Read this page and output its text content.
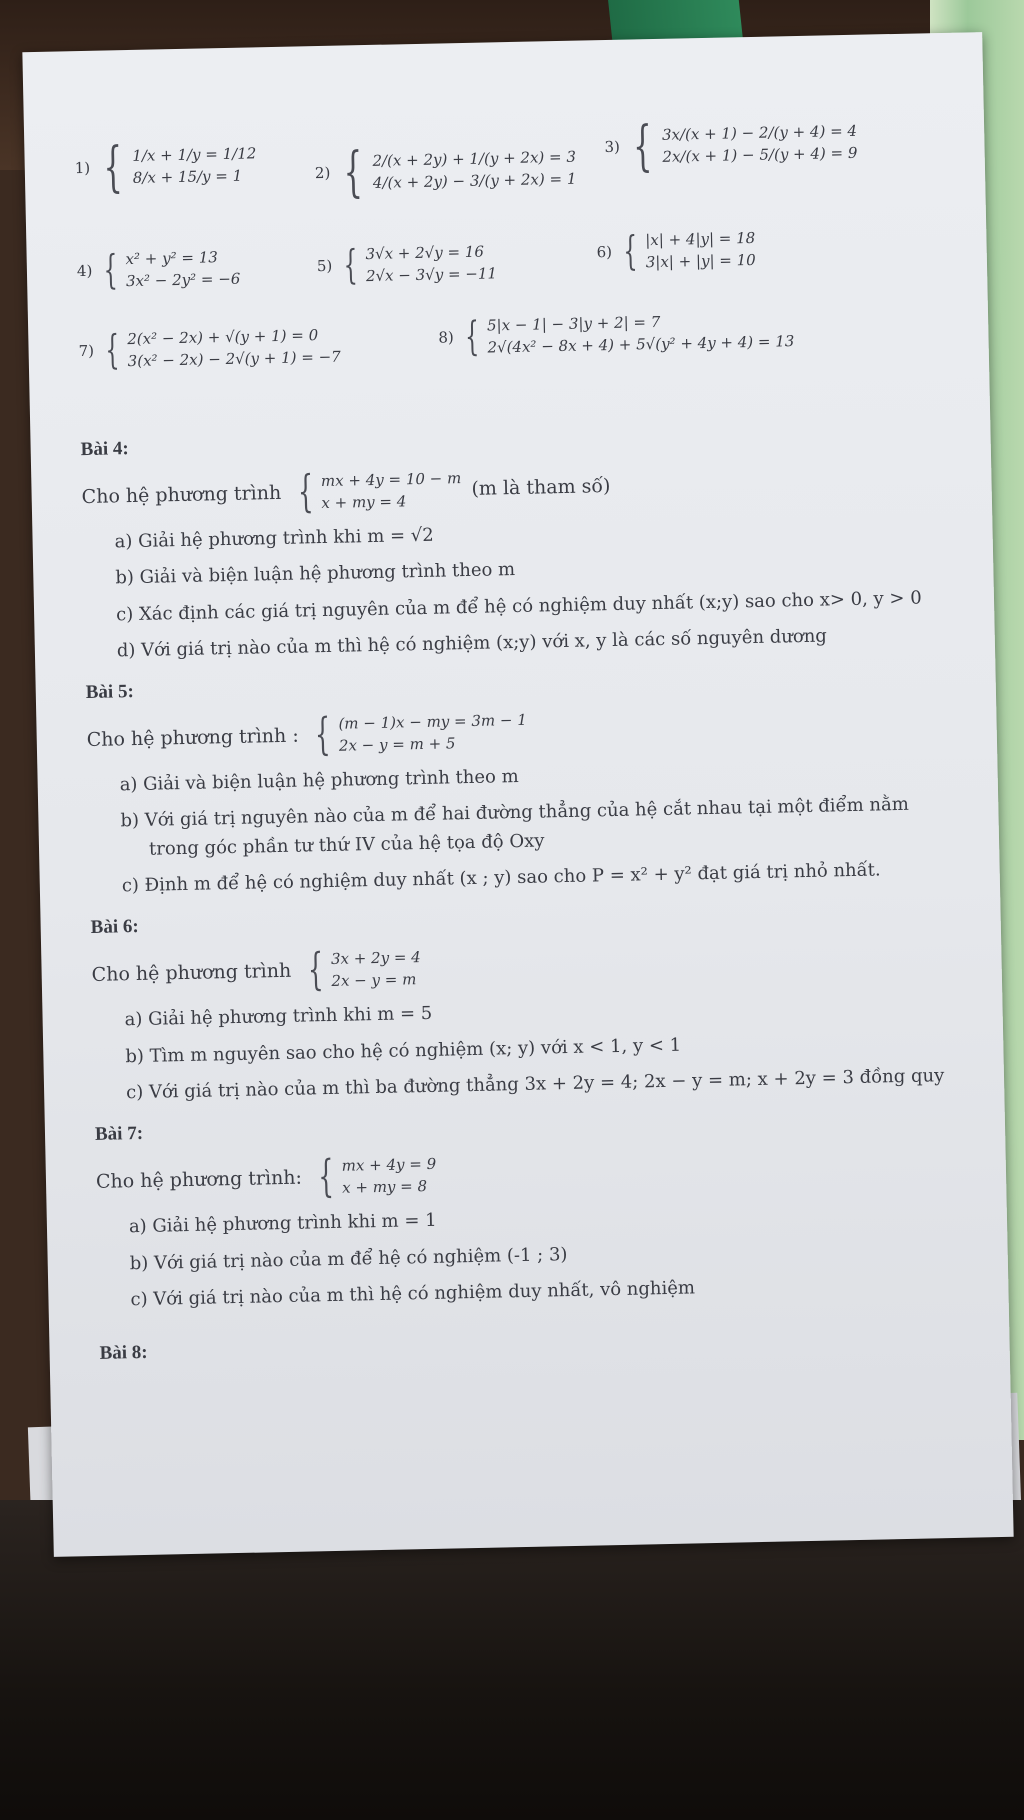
1) { 1/x + 1/y = 1/12
8/x + 15/y = 1	2) { 2/(x + 2y) + 1/(y + 2x) = 3
4/(x + 2y) − 3/(y + 2x) = 1
3) { 3x/(x + 1) − 2/(y + 4) = 4
2x/(x + 1) − 5/(y + 4) = 9
4) { x² + y² = 13
3x² − 2y² = −6
5) { 3√x + 2√y = 16
2√x − 3√y = −11
6) { |x| + 4|y| = 18
3|x| + |y| = 10
7) { 2(x² − 2x) + √(y + 1) = 0
3(x² − 2x) − 2√(y + 1) = −7
8) { 5|x − 1| − 3|y + 2| = 7
2√(4x² − 8x + 4) + 5√(y² + 4y + 4) = 13
Bài 4:
Cho hệ phương trình { mx + 4y = 10 − m
x + my = 4
(m là tham số)
a) Giải hệ phương trình khi m = √2
b) Giải và biện luận hệ phương trình theo m
c) Xác định các giá trị nguyên của m để hệ có nghiệm duy nhất (x;y) sao cho x> 0, y > 0
d) Với giá trị nào của m thì hệ có nghiệm (x;y) với x, y là các số nguyên dương
Bài 5:
Cho hệ phương trình : { (m − 1)x − my = 3m − 1
2x − y = m + 5
a) Giải và biện luận hệ phương trình theo m
b) Với giá trị nguyên nào của m để hai đường thẳng của hệ cắt nhau tại một điểm nằm
trong góc phần tư thứ IV của hệ tọa độ Oxy
c) Định m để hệ có nghiệm duy nhất (x ; y) sao cho P = x² + y² đạt giá trị nhỏ nhất.
Bài 6:
Cho hệ phương trình { 3x + 2y = 4
2x − y = m
a) Giải hệ phương trình khi m = 5
b) Tìm m nguyên sao cho hệ có nghiệm (x; y) với x < 1, y < 1
c) Với giá trị nào của m thì ba đường thẳng 3x + 2y = 4; 2x − y = m; x + 2y = 3 đồng quy
Bài 7:
Cho hệ phương trình: { mx + 4y = 9
x + my = 8
a) Giải hệ phương trình khi m = 1
b) Với giá trị nào của m để hệ có nghiệm (-1 ; 3)
c) Với giá trị nào của m thì hệ có nghiệm duy nhất, vô nghiệm
Bài 8:
